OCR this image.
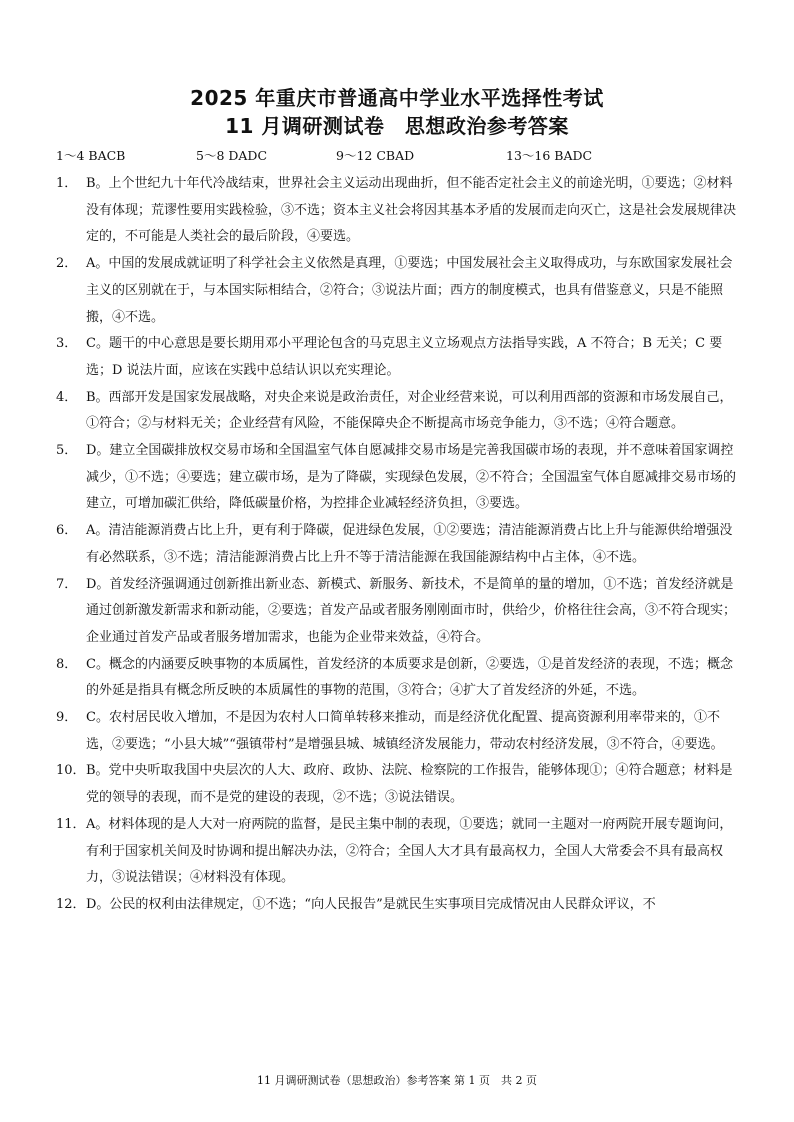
2025 年重庆市普通高中学业水平选择性考试
11 月调研测试卷　思想政治参考答案
1～4 BACB	5～8 DADC	9～12 CBAD	13～16 BADC
1． B。上个世纪九十年代冷战结束，世界社会主义运动出现曲折，但不能否定社会主义的前途光明，①要选；②材料没有体现；荒谬性要用实践检验，③不选；资本主义社会将因其基本矛盾的发展而走向灭亡，这是社会发展规律决定的，不可能是人类社会的最后阶段，④要选。
2． A。中国的发展成就证明了科学社会主义依然是真理，①要选；中国发展社会主义取得成功，与东欧国家发展社会主义的区别就在于，与本国实际相结合，②符合；③说法片面；西方的制度模式，也具有借鉴意义，只是不能照搬，④不选。
3． C。题干的中心意思是要长期用邓小平理论包含的马克思主义立场观点方法指导实践，A 不符合；B 无关；C 要选；D 说法片面，应该在实践中总结认识以充实理论。
4． B。西部开发是国家发展战略，对央企来说是政治责任，对企业经营来说，可以利用西部的资源和市场发展自己，①符合；②与材料无关；企业经营有风险，不能保障央企不断提高市场竞争能力，③不选；④符合题意。
5． D。建立全国碳排放权交易市场和全国温室气体自愿减排交易市场是完善我国碳市场的表现，并不意味着国家调控减少，①不选；④要选；建立碳市场，是为了降碳，实现绿色发展，②不符合；全国温室气体自愿减排交易市场的建立，可增加碳汇供给，降低碳量价格，为控排企业减轻经济负担，③要选。
6． A。清洁能源消费占比上升，更有利于降碳，促进绿色发展，①②要选；清洁能源消费占比上升与能源供给增强没有必然联系，③不选；清洁能源消费占比上升不等于清洁能源在我国能源结构中占主体，④不选。
7． D。首发经济强调通过创新推出新业态、新模式、新服务、新技术，不是简单的量的增加，①不选；首发经济就是通过创新激发新需求和新动能，②要选；首发产品或者服务刚刚面市时，供给少，价格往往会高，③不符合现实；企业通过首发产品或者服务增加需求，也能为企业带来效益，④符合。
8． C。概念的内涵要反映事物的本质属性，首发经济的本质要求是创新，②要选，①是首发经济的表现，不选；概念的外延是指具有概念所反映的本质属性的事物的范围，③符合；④扩大了首发经济的外延，不选。
9． C。农村居民收入增加，不是因为农村人口简单转移来推动，而是经济优化配置、提高资源利用率带来的，①不选，②要选；“小县大城”“强镇带村”是增强县城、城镇经济发展能力，带动农村经济发展，③不符合，④要选。
10． B。党中央听取我国中央层次的人大、政府、政协、法院、检察院的工作报告，能够体现①；④符合题意；材料是党的领导的表现，而不是党的建设的表现，②不选；③说法错误。
11． A。材料体现的是人大对一府两院的监督，是民主集中制的表现，①要选；就同一主题对一府两院开展专题询问，有利于国家机关间及时协调和提出解决办法，②符合；全国人大才具有最高权力，全国人大常委会不具有最高权力，③说法错误；④材料没有体现。
12． D。公民的权利由法律规定，①不选；“向人民报告”是就民生实事项目完成情况由人民群众评议，不
11 月调研测试卷（思想政治）参考答案 第 1 页　共 2 页
